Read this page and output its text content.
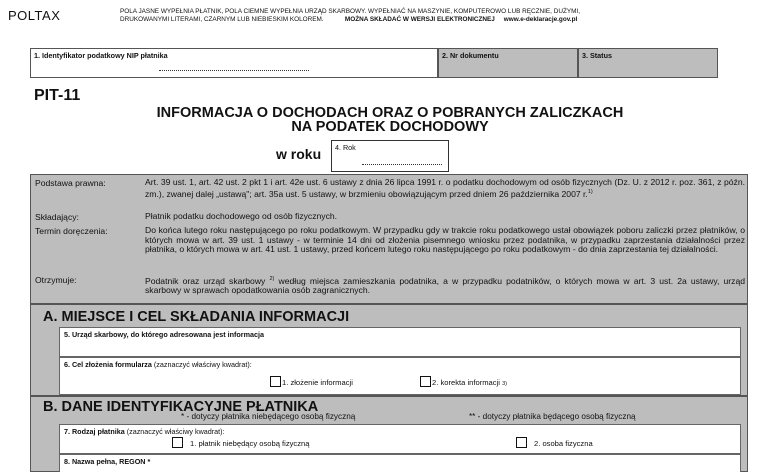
POLTAX	POLA JASNE WYPEŁNIA PŁATNIK, POLA CIEMNE WYPEŁNIA URZĄD SKARBOWY. WYPEŁNIAĆ NA MASZYNIE, KOMPUTEROWO LUB RĘCZNIE, DUŻYMI,
DRUKOWANYMI LITERAMI, CZARNYM LUB NIEBIESKIM KOLOREM.	MOŻNA SKŁADAĆ W WERSJI ELEKTRONICZNEJ www.e-deklaracje.gov.pl
1. Identyfikator podatkowy NIP płatnika	2. Nr dokumentu	3. Status
PIT-11
INFORMACJA O DOCHODACH ORAZ O POBRANYCH ZALICZKACH
NA PODATEK DOCHODOWY
w roku	4. Rok
Podstawa prawna:	Art. 39 ust. 1, art. 42 ust. 2 pkt 1 i art. 42e ust. 6 ustawy z dnia 26 lipca 1991 r. o podatku dochodowym od osób fizycznych (Dz. U. z 2012 r. poz. 361, z późn. zm.), zwanej dalej „ustawą"; art. 35a ust. 5 ustawy, w brzmieniu obowiązującym przed dniem 26 października 2007 r.$^{1)}$
Składający:	Płatnik podatku dochodowego od osób fizycznych.
Termin doręczenia:	Do końca lutego roku następującego po roku podatkowym. W przypadku gdy w trakcie roku podatkowego ustał obowiązek poboru zaliczki przez płatników, o których mowa w art. 39 ust. 1 ustawy - w terminie 14 dni od złożenia pisemnego wniosku przez podatnika, w przypadku zaprzestania działalności przez płatnika, o których mowa w art. 41 ust. 1 ustawy, przed końcem lutego roku następującego po roku podatkowym - do dnia zaprzestania tej działalności.
Otrzymuje:	Podatnik oraz urząd skarbowy $^{2)}$ według miejsca zamieszkania podatnika, a w przypadku podatników, o których mowa w art. 3 ust. 2a ustawy, urząd skarbowy w sprawach opodatkowania osób zagranicznych.
A. MIEJSCE I CEL SKŁADANIA INFORMACJI
5. Urząd skarbowy, do którego adresowana jest informacja
6. Cel złożenia formularza (zaznaczyć właściwy kwadrat):
1. złożenie informacji	2. korekta informacji
3)
B. DANE IDENTYFIKACYJNE PŁATNIKA
* - dotyczy płatnika niebędącego osobą fizyczną	** - dotyczy płatnika będącego osobą fizyczną
7. Rodzaj płatnika (zaznaczyć właściwy kwadrat):
1. płatnik niebędący osobą fizyczną	2. osoba fizyczna
8. Nazwa pełna, REGON *
